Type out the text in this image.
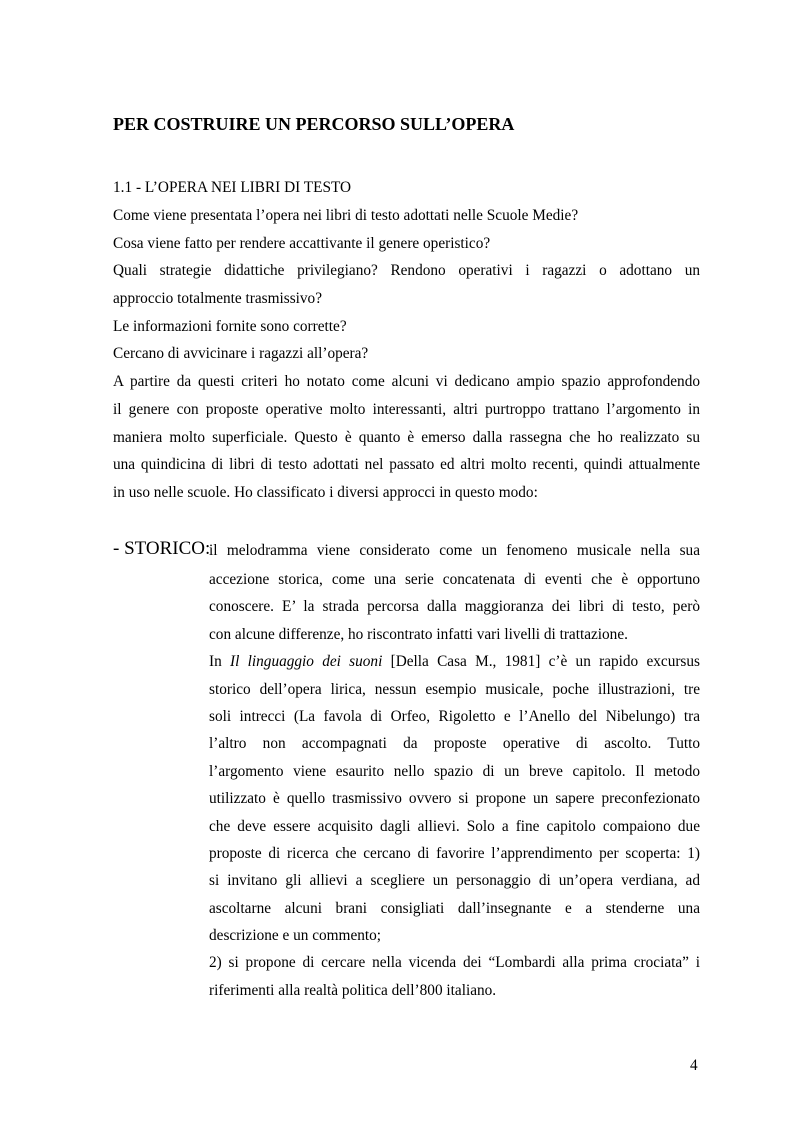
PER COSTRUIRE UN PERCORSO SULL’OPERA
1.1 - L’OPERA NEI LIBRI DI TESTO
Come viene presentata l’opera nei libri di testo adottati nelle Scuole Medie?
Cosa viene fatto per rendere accattivante il genere operistico?
Quali strategie didattiche privilegiano? Rendono operativi i ragazzi o adottano un
approccio totalmente trasmissivo?
Le informazioni fornite sono corrette?
Cercano di avvicinare i ragazzi all’opera?
A partire da questi criteri ho notato come alcuni vi dedicano ampio spazio approfondendo
il genere con proposte operative molto interessanti, altri purtroppo trattano l’argomento in
maniera molto superficiale. Questo è quanto è emerso dalla rassegna che ho realizzato su
una quindicina di libri di testo adottati nel passato ed altri molto recenti, quindi attualmente
in uso nelle scuole. Ho classificato i diversi approcci in questo modo:
- STORICO:
il melodramma viene considerato come un fenomeno musicale nella sua
accezione storica, come una serie concatenata di eventi che è opportuno
conoscere. E’ la strada percorsa dalla maggioranza dei libri di testo, però
con alcune differenze, ho riscontrato infatti vari livelli di trattazione.
In Il linguaggio dei suoni [Della Casa M., 1981] c’è un rapido excursus
storico dell’opera lirica, nessun esempio musicale, poche illustrazioni, tre
soli intrecci (La favola di Orfeo, Rigoletto e l’Anello del Nibelungo) tra
l’altro non accompagnati da proposte operative di ascolto. Tutto
l’argomento viene esaurito nello spazio di un breve capitolo. Il metodo
utilizzato è quello trasmissivo ovvero si propone un sapere preconfezionato
che deve essere acquisito dagli allievi. Solo a fine capitolo compaiono due
proposte di ricerca che cercano di favorire l’apprendimento per scoperta: 1)
si invitano gli allievi a scegliere un personaggio di un’opera verdiana, ad
ascoltarne alcuni brani consigliati dall’insegnante e a stenderne una
descrizione e un commento;
2) si propone di cercare nella vicenda dei “Lombardi alla prima crociata” i
riferimenti alla realtà politica dell’800 italiano.
4
